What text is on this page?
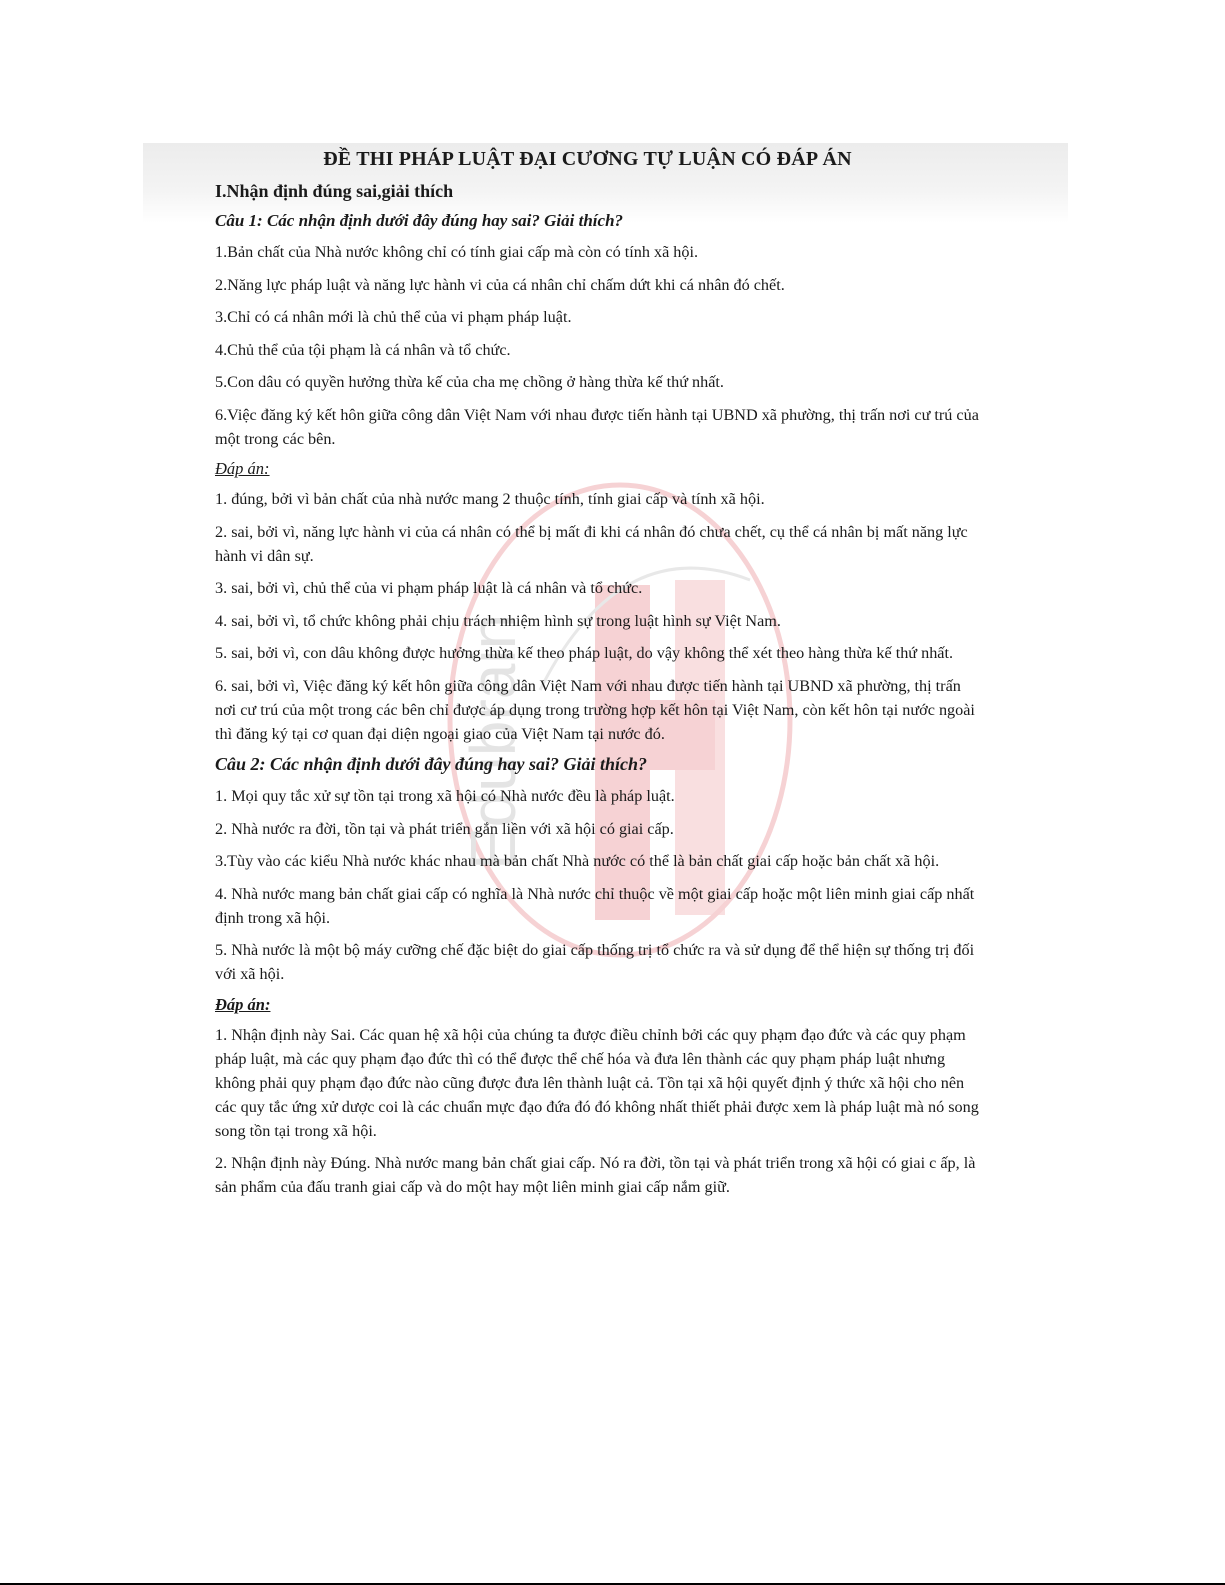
Edubrain
ĐỀ THI PHÁP LUẬT ĐẠI CƯƠNG TỰ LUẬN CÓ ĐÁP ÁN
I.Nhận định đúng sai,giải thích
Câu 1: Các nhận định dưới đây đúng hay sai? Giải thích?
1.Bản chất của Nhà nước không chỉ có tính giai cấp mà còn có tính xã hội.
2.Năng lực pháp luật và năng lực hành vi của cá nhân chỉ chấm dứt khi cá nhân đó chết.
3.Chỉ có cá nhân mới là chủ thể của vi phạm pháp luật.
4.Chủ thể của tội phạm là cá nhân và tổ chức.
5.Con dâu có quyền hưởng thừa kế của cha mẹ chồng ở hàng thừa kế thứ nhất.
6.Việc đăng ký kết hôn giữa công dân Việt Nam với nhau được tiến hành tại UBND xã phường, thị trấn nơi cư trú của một trong các bên.
Đáp án:
1. đúng, bởi vì bản chất của nhà nước mang 2 thuộc tính, tính giai cấp và tính xã hội.
2. sai, bởi vì, năng lực hành vi của cá nhân có thể bị mất đi khi cá nhân đó chưa chết, cụ thể cá nhân bị mất năng lực hành vi dân sự.
3. sai, bởi vì, chủ thể của vi phạm pháp luật là cá nhân và tổ chức.
4. sai, bởi vì, tổ chức không phải chịu trách nhiệm hình sự trong luật hình sự Việt Nam.
5. sai, bởi vì, con dâu không được hưởng thừa kế theo pháp luật, do vậy không thể xét theo hàng thừa kế thứ nhất.
6. sai, bởi vì, Việc đăng ký kết hôn giữa công dân Việt Nam với nhau được tiến hành tại UBND xã phường, thị trấn nơi cư trú của một trong các bên chỉ được áp dụng trong trường hợp kết hôn tại Việt Nam, còn kết hôn tại nước ngoài thì đăng ký tại cơ quan đại diện ngoại giao của Việt Nam tại nước đó.
Câu 2: Các nhận định dưới đây đúng hay sai? Giải thích?
1. Mọi quy tắc xử sự tồn tại trong xã hội có Nhà nước đều là pháp luật.
2. Nhà nước ra đời, tồn tại và phát triển gắn liền với xã hội có giai cấp.
3.Tùy vào các kiểu Nhà nước khác nhau mà bản chất Nhà nước có thể là bản chất giai cấp hoặc bản chất xã hội.
4. Nhà nước mang bản chất giai cấp có nghĩa là Nhà nước chỉ thuộc về một giai cấp hoặc một liên minh giai cấp nhất định trong xã hội.
5. Nhà nước là một bộ máy cưỡng chế đặc biệt do giai cấp thống trị tổ chức ra và sử dụng để thể hiện sự thống trị đối với xã hội.
Đáp án:
1. Nhận định này Sai. Các quan hệ xã hội của chúng ta được điều chỉnh bởi các quy phạm đạo đức và các quy phạm pháp luật, mà các quy phạm đạo đức thì có thể được thể chế hóa và đưa lên thành các quy phạm pháp luật nhưng không phải quy phạm đạo đức nào cũng được đưa lên thành luật cả. Tồn tại xã hội quyết định ý thức xã hội cho nên các quy tắc ứng xử dược coi là các chuẩn mực đạo đứa đó đó không nhất thiết phải được xem là pháp luật mà nó song song tồn tại trong xã hội.
2. Nhận định này Đúng. Nhà nước mang bản chất giai cấp. Nó ra đời, tồn tại và phát triển trong xã hội có giai c ấp, là sản phẩm của đấu tranh giai cấp và do một hay một liên minh giai cấp nắm giữ.
